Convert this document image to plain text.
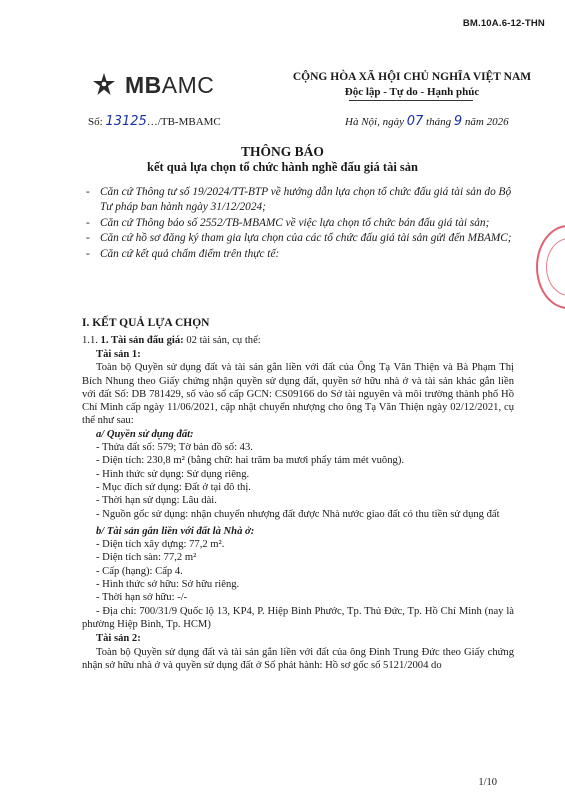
BM.10A.6-12-THN
MBAMC	CỘNG HÒA XÃ HỘI CHỦ NGHĨA VIỆT NAM
Độc lập - Tự do - Hạnh phúc
Số: 13125…/TB-MBAMC	Hà Nội, ngày 07 tháng 9 năm 2026
THÔNG BÁO
kết quả lựa chọn tổ chức hành nghề đấu giá tài sản
- Căn cứ Thông tư số 19/2024/TT-BTP về hướng dẫn lựa chọn tổ chức đấu giá tài sản do Bộ Tư pháp ban hành ngày 31/12/2024;
- Căn cứ Thông báo số 2552/TB-MBAMC về việc lựa chọn tổ chức bán đấu giá tài sản;
- Căn cứ hồ sơ đăng ký tham gia lựa chọn của các tổ chức đấu giá tài sản gửi đến MBAMC;
- Căn cứ kết quả chấm điểm trên thực tế:
I. KẾT QUẢ LỰA CHỌN
1.1. 1. Tài sản đấu giá: 02 tài sản, cụ thể:
Tài sản 1:
Toàn bộ Quyền sử dụng đất và tài sản gắn liền với đất của Ông Tạ Văn Thiện và Bà Phạm Thị Bích Nhung theo Giấy chứng nhận quyền sử dụng đất, quyền sở hữu nhà ở và tài sản khác gắn liền với đất Số: DB 781429, số vào sổ cấp GCN: CS09166 do Sở tài nguyên và môi trường thành phố Hồ Chí Minh cấp ngày 11/06/2021, cập nhật chuyển nhượng cho ông Tạ Văn Thiện ngày 02/12/2021, cụ thể như sau:
a/ Quyền sử dụng đất:
- Thửa đất số: 579; Tờ bản đồ số: 43.
- Diện tích: 230,8 m² (bằng chữ: hai trăm ba mươi phẩy tám mét vuông).
- Hình thức sử dụng: Sử dụng riêng.
- Mục đích sử dụng: Đất ở tại đô thị.
- Thời hạn sử dụng: Lâu dài.
- Nguồn gốc sử dụng: nhận chuyển nhượng đất được Nhà nước giao đất có thu tiền sử dụng đất
b/ Tài sản gắn liền với đất là Nhà ở:
- Diện tích xây dựng: 77,2 m².
- Diện tích sàn: 77,2 m²
- Cấp (hạng): Cấp 4.
- Hình thức sở hữu: Sở hữu riêng.
- Thời hạn sở hữu: -/-
- Địa chỉ: 700/31/9 Quốc lộ 13, KP4, P. Hiệp Bình Phước, Tp. Thủ Đức, Tp. Hồ Chí Minh (nay là phường Hiệp Bình, Tp. HCM)
Tài sản 2:
Toàn bộ Quyền sử dụng đất và tài sản gắn liền với đất của ông Đinh Trung Đức theo Giấy chứng nhận sở hữu nhà ở và quyền sử dụng đất ở Số phát hành: Hồ sơ gốc số 5121/2004 do
1/10
